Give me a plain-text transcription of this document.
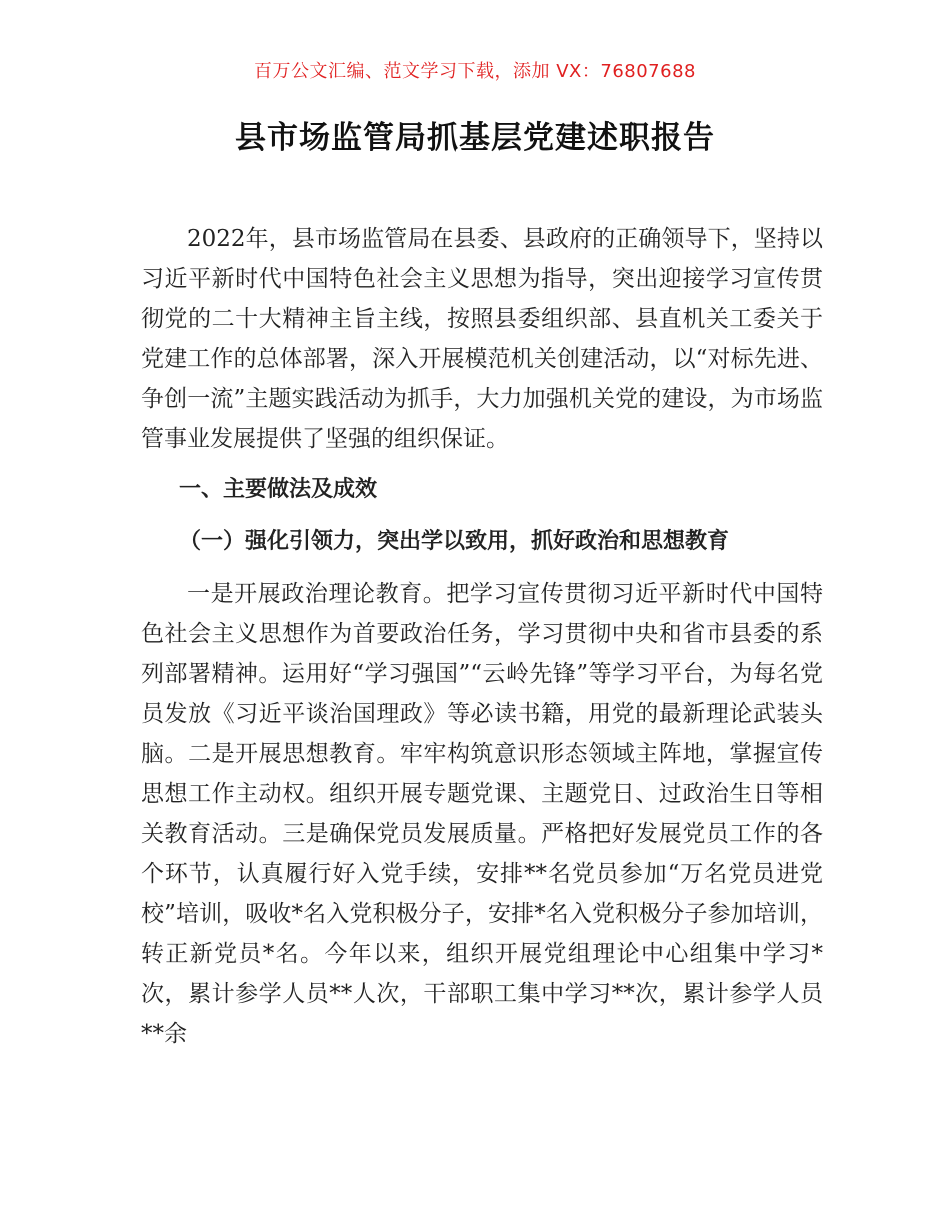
百万公文汇编、范文学习下载，添加 VX：76807688
县市场监管局抓基层党建述职报告

2022年，县市场监管局在县委、县政府的正确领导下，坚持以习近平新时代中国特色社会主义思想为指导，突出迎接学习宣传贯彻党的二十大精神主旨主线，按照县委组织部、县直机关工委关于党建工作的总体部署，深入开展模范机关创建活动，以“对标先进、争创一流”主题实践活动为抓手，大力加强机关党的建设，为市场监管事业发展提供了坚强的组织保证。

一、主要做法及成效
（一）强化引领力，突出学以致用，抓好政治和思想教育

一是开展政治理论教育。把学习宣传贯彻习近平新时代中国特色社会主义思想作为首要政治任务，学习贯彻中央和省市县委的系列部署精神。运用好“学习强国”“云岭先锋”等学习平台，为每名党员发放《习近平谈治国理政》等必读书籍，用党的最新理论武装头脑。二是开展思想教育。牢牢构筑意识形态领域主阵地，掌握宣传思想工作主动权。组织开展专题党课、主题党日、过政治生日等相关教育活动。三是确保党员发展质量。严格把好发展党员工作的各个环节，认真履行好入党手续，安排**名党员参加“万名党员进党校”培训，吸收*名入党积极分子，安排*名入党积极分子参加培训，转正新党员*名。今年以来，组织开展党组理论中心组集中学习*次，累计参学人员**人次，干部职工集中学习**次，累计参学人员**余
